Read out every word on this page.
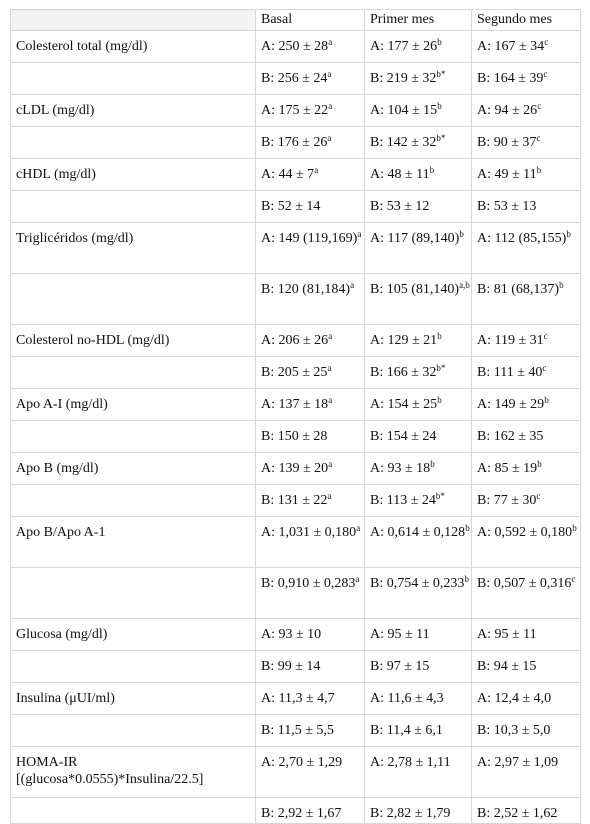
	Basal	Primer mes	Segundo mes
Colesterol total (mg/dl)	A: $250 \pm 28^a$	A: $177 \pm 26^b$	A: $167 \pm 34^c$
	B: $256 \pm 24^a$	B: $219 \pm 32^{b*}$	B: $164 \pm 39^c$
cLDL (mg/dl)	A: $175 \pm 22^a$	A: $104 \pm 15^b$	A: $94 \pm 26^c$
	B: $176 \pm 26^a$	B: $142 \pm 32^{b*}$	B: $90 \pm 37^c$
cHDL (mg/dl)	A: $44 \pm 7^a$	A: $48 \pm 11^b$	A: $49 \pm 11^b$
	B: 52 ± 14	B: 53 ± 12	B: 53 ± 13
Triglicéridos (mg/dl)	A: 149 $(119,169)^a$	A: 117 $(89,140)^b$	A: 112 $(85,155)^b$
	B: 120 $(81,184)^a$	B: 105 $(81,140)^{a,b}$	B: 81 $(68,137)^b$
Colesterol no-HDL (mg/dl)	A: $206 \pm 26^a$	A: $129 \pm 21^b$	A: $119 \pm 31^c$
	B: $205 \pm 25^a$	B: $166 \pm 32^{b*}$	B: $111 \pm 40^c$
Apo A-I (mg/dl)	A: $137 \pm 18^a$	A: $154 \pm 25^b$	A: $149 \pm 29^b$
	B: 150 ± 28	B: 154 ± 24	B: 162 ± 35
Apo B (mg/dl)	A: $139 \pm 20^a$	A: $93 \pm 18^b$	A: $85 \pm 19^b$
	B: $131 \pm 22^a$	B: $113 \pm 24^{b*}$	B: $77 \pm 30^c$
Apo B/Apo A-1	A: 1,031 ± 0,180$^a$	A: 0,614 ± 0,128$^b$	A: 0,592 ± 0,180$^b$
	B: 0,910 ± 0,283$^a$	B: 0,754 ± 0,233$^b$	B: 0,507 ± 0,316$^c$
Glucosa (mg/dl)	A: 93 ± 10	A: 95 ± 11	A: 95 ± 11
	B: 99 ± 14	B: 97 ± 15	B: 94 ± 15
Insulina (μUI/ml)	A: 11,3 ± 4,7	A: 11,6 ± 4,3	A: 12,4 ± 4,0
	B: 11,5 ± 5,5	B: 11,4 ± 6,1	B: 10,3 ± 5,0
HOMA-IR [(glucosa*0.0555)*Insulina/22.5]	A: 2,70 ± 1,29	A: 2,78 ± 1,11	A: 2,97 ± 1,09
	B: 2,92 ± 1,67	B: 2,82 ± 1,79	B: 2,52 ± 1,62
